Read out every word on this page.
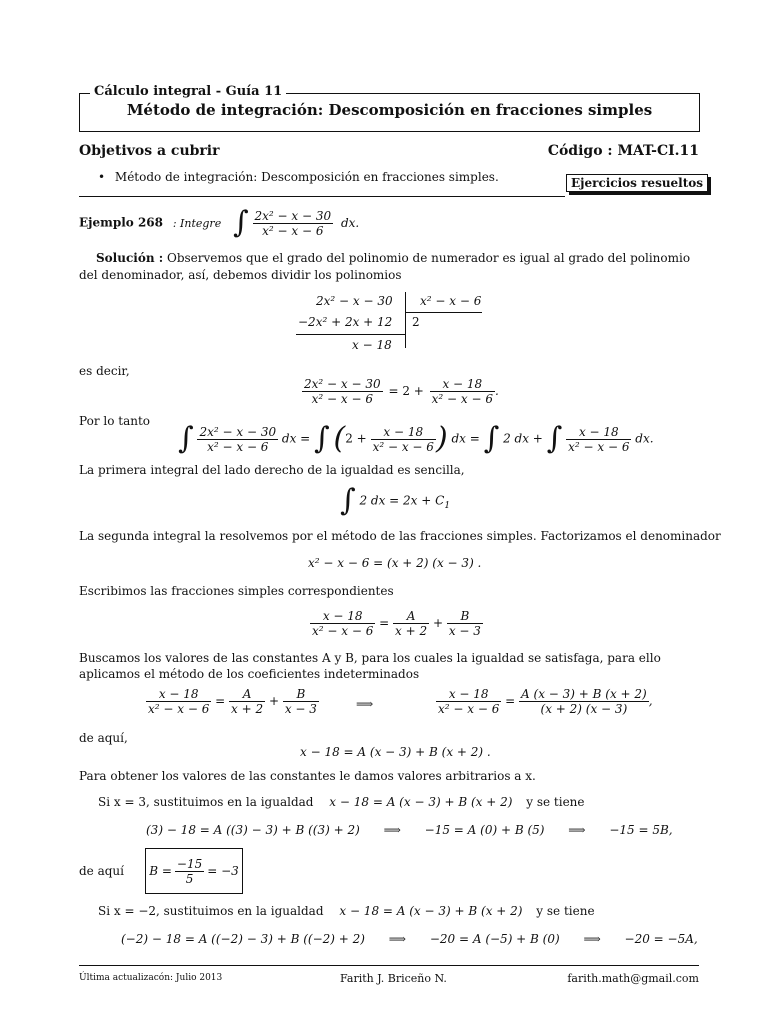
Cálculo integral - Guía 11
Método de integración: Descomposición en fracciones simples
Objetivos a cubrir	Código : MAT-CI.11
• Método de integración: Descomposición en fracciones simples.	Ejercicios resueltos
Ejemplo 268 : Integre ∫ $\frac{\text{2x² − x − 30}}{\text{x² − x − 6}}$ dx.
Solución : Observemos que el grado del polinomio de numerador es igual al grado del polinomio del denominador, así, debemos dividir los polinomios
2x² − x − 30 x² − x − 6
−2x² + 2x + 12 2
x − 18
es decir,
$\frac{\text{2x² − x − 30}}{\text{x² − x − 6}} = 2 + \frac{x - 18}{\text{x² − x − 6}}$ .
Por lo tanto ∫ $\frac{\text{2x² − x − 30}}{\text{x² − x − 6}}$ dx = ∫ ($2 + \frac{x - 18}{\text{x² − x − 6}}$ ) dx = ∫ 2 dx + ∫ $\frac{x - 18}{\text{x² − x − 6}}$ dx.
La primera integral del lado derecho de la igualdad es sencilla,
∫ 2 dx = $2x + C_1$
La segunda integral la resolvemos por el método de las fracciones simples. Factorizamos el denominador
x² − x − 6 = (x + 2) (x − 3) .
Escribimos las fracciones simples correspondientes
$\frac{x - 18}{\text{x² − x − 6}} = \frac{A}{x + 2} + \frac{B}{x - 3}$
Buscamos los valores de las constantes A y B, para los cuales la igualdad se satisfaga, para ello aplicamos el método de los coeficientes indeterminados
$\frac{x - 18}{\text{x² − x − 6}} = \frac{A}{x + 2} + \frac{B}{x - 3}$	⟹	$\frac{x - 18}{\text{x² − x − 6}} = \frac{A (x - 3) + B (x + 2)}{(x + 2) (x - 3)}$ ,
de aquí,
x − 18 = A (x − 3) + B (x + 2) .
Para obtener los valores de las constantes le damos valores arbitrarios a x.
Si x = 3, sustituimos en la igualdad x − 18 = A (x − 3) + B (x + 2) y se tiene
(3) − 18 = A ((3) − 3) + B ((3) + 2) ⟹ −15 = A (0) + B (5) ⟹ −15 = 5B,
de aquí $B = \frac{-15}{5} = -3$
Si x = −2, sustituimos en la igualdad x − 18 = A (x − 3) + B (x + 2) y se tiene
(−2) − 18 = A ((−2) − 3) + B ((−2) + 2) ⟹ −20 = A (−5) + B (0) ⟹ −20 = −5A,
Última actualizacón: Julio 2013	Farith J. Briceño N.	farith.math@gmail.com
